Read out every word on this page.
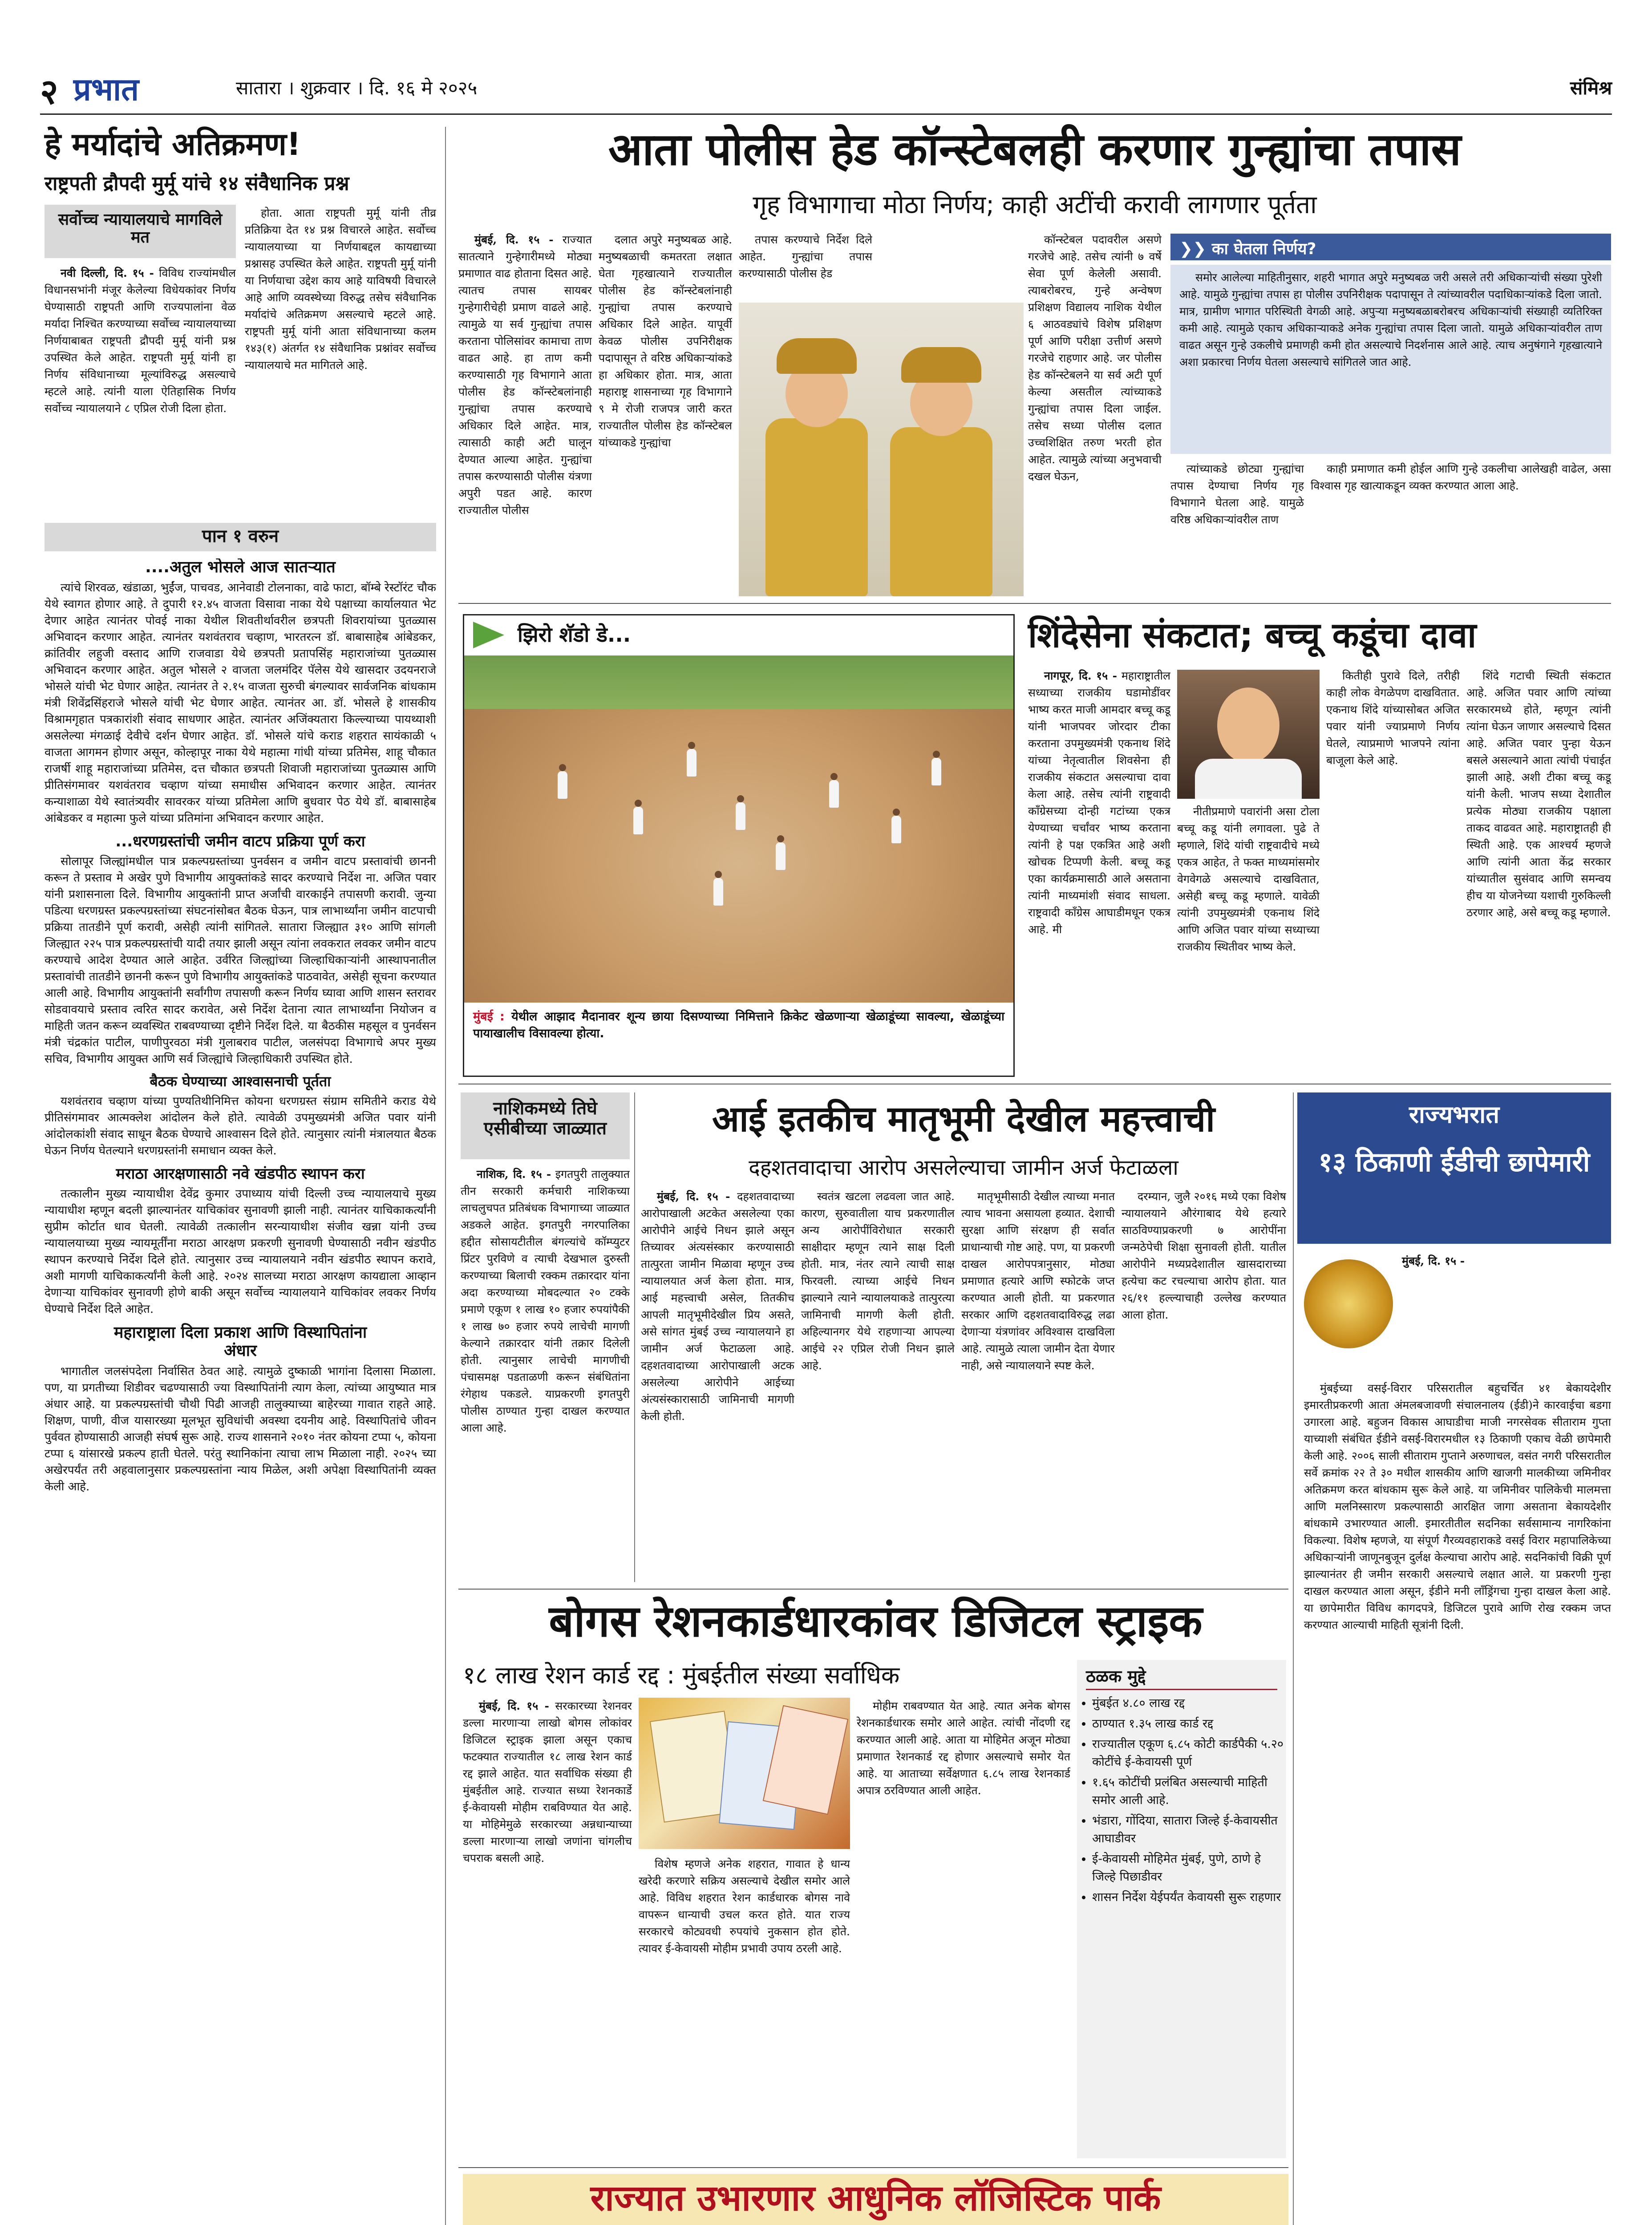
२ प्रभात	सातारा । शुक्रवार । दि. १६ मे २०२५	संमिश्र
हे मर्यादांचे अतिक्रमण!
राष्ट्रपती द्रौपदी मुर्मू यांचे १४ संवैधानिक प्रश्न
सर्वोच्च न्यायालयाचे मागविले मत

नवी दिल्ली, दि. १५ - विविध राज्यांमधील विधानसभांनी मंजूर केलेल्या विधेयकांवर निर्णय घेण्यासाठी राष्ट्रपती आणि राज्यपालांना वेळ मर्यादा निश्चित करण्याच्या सर्वोच्च न्यायालयाच्या निर्णयाबाबत राष्ट्रपती द्रौपदी मुर्मू यांनी प्रश्न उपस्थित केले आहेत. राष्ट्रपती मुर्मू यांनी हा निर्णय संविधानाच्या मूल्यांविरुद्ध असल्याचे म्हटले आहे. त्यांनी याला ऐतिहासिक निर्णय सर्वोच्च न्यायालयाने ८ एप्रिल रोजी दिला होता.

होता. आता राष्ट्रपती मुर्मू यांनी तीव्र प्रतिक्रिया देत १४ प्रश्न विचारले आहेत. सर्वोच्च न्यायालयाच्या या निर्णयाबद्दल कायद्याच्या प्रश्नासह उपस्थित केले आहेत. राष्ट्रपती मुर्मू यांनी या निर्णयाचा उद्देश काय आहे याविषयी विचारले आहे आणि व्यवस्थेच्या विरुद्ध तसेच संवैधानिक मर्यादांचे अतिक्रमण असल्याचे म्हटले आहे. राष्ट्रपती मुर्मू यांनी आता संविधानाच्या कलम १४३(१) अंतर्गत १४ संवैधानिक प्रश्नांवर सर्वोच्च न्यायालयाचे मत मागितले आहे.

पान १ वरुन
....अतुल भोसले आज सातऱ्यात

त्यांचे शिरवळ, खंडाळा, भुईंज, पाचवड, आनेवाडी टोलनाका, वाढे फाटा, बॉम्बे रेस्टॉरंट चौक येथे स्वागत होणार आहे. ते दुपारी १२.४५ वाजता विसावा नाका येथे पक्षाच्या कार्यालयात भेट देणार आहेत त्यानंतर पोवई नाका येथील शिवतीर्थावरील छत्रपती शिवरायांच्या पुतळ्यास अभिवादन करणार आहेत. त्यानंतर यशवंतराव चव्हाण, भारतरत्न डॉ. बाबासाहेब आंबेडकर, क्रांतिवीर लहुजी वस्ताद आणि राजवाडा येथे छत्रपती प्रतापसिंह महाराजांच्या पुतळ्यास अभिवादन करणार आहेत. अतुल भोसले २ वाजता जलमंदिर पॅलेस येथे खासदार उदयनराजे भोसले यांची भेट घेणार आहेत. त्यानंतर ते २.१५ वाजता सुरुची बंगल्यावर सार्वजनिक बांधकाम मंत्री शिवेंद्रसिंहराजे भोसले यांची भेट घेणार आहेत. त्यानंतर आ. डॉ. भोसले हे शासकीय विश्रामगृहात पत्रकारांशी संवाद साधणार आहेत. त्यानंतर अजिंक्यतारा किल्ल्याच्या पायथ्याशी असलेल्या मंगळाई देवीचे दर्शन घेणार आहेत. डॉ. भोसले यांचे कराड शहरात सायंकाळी ५ वाजता आगमन होणार असून, कोल्हापूर नाका येथे महात्मा गांधी यांच्या प्रतिमेस, शाहू चौकात राजर्षी शाहू महाराजांच्या प्रतिमेस, दत्त चौकात छत्रपती शिवाजी महाराजांच्या पुतळ्यास आणि प्रीतिसंगमावर यशवंतराव चव्हाण यांच्या समाधीस अभिवादन करणार आहेत. त्यानंतर कन्याशाळा येथे स्वातंत्र्यवीर सावरकर यांच्या प्रतिमेला आणि बुधवार पेठ येथे डॉ. बाबासाहेब आंबेडकर व महात्मा फुले यांच्या प्रतिमांना अभिवादन करणार आहेत.

...धरणग्रस्तांची जमीन वाटप प्रक्रिया पूर्ण करा

सोलापूर जिल्ह्यांमधील पात्र प्रकल्पग्रस्तांच्या पुनर्वसन व जमीन वाटप प्रस्तावांची छाननी करून ते प्रस्ताव मे अखेर पुणे विभागीय आयुक्तांकडे सादर करण्याचे निर्देश ना. अजित पवार यांनी प्रशासनाला दिले. विभागीय आयुक्तांनी प्राप्त अर्जांची वारकाईने तपासणी करावी. जुन्या पडित्या धरणग्रस्त प्रकल्पग्रस्तांच्या संघटनांसोबत बैठक घेऊन, पात्र लाभार्थ्यांना जमीन वाटपाची प्रक्रिया तातडीने पूर्ण करावी, असेही त्यांनी सांगितले. सातारा जिल्ह्यात ३१० आणि सांगली जिल्ह्यात २२५ पात्र प्रकल्पग्रस्तांची यादी तयार झाली असून त्यांना लवकरात लवकर जमीन वाटप करण्याचे आदेश देण्यात आले आहेत. उर्वरित जिल्ह्यांच्या जिल्हाधिकाऱ्यांनी आस्थापनातील प्रस्तावांची तातडीने छाननी करून पुणे विभागीय आयुक्तांकडे पाठवावेत, असेही सूचना करण्यात आली आहे. विभागीय आयुक्तांनी सर्वांगीण तपासणी करून निर्णय घ्यावा आणि शासन स्तरावर सोडवावयाचे प्रस्ताव त्वरित सादर करावेत, असे निर्देश देताना त्यात लाभार्थ्यांना नियोजन व माहिती जतन करून व्यवस्थित राबवण्याच्या दृष्टीने निर्देश दिले. या बैठकीस महसूल व पुनर्वसन मंत्री चंद्रकांत पाटील, पाणीपुरवठा मंत्री गुलाबराव पाटील, जलसंपदा विभागाचे अपर मुख्य सचिव, विभागीय आयुक्त आणि सर्व जिल्ह्यांचे जिल्हाधिकारी उपस्थित होते.

बैठक घेण्याच्या आश्वासनाची पूर्तता

यशवंतराव चव्हाण यांच्या पुण्यतिथीनिमित्त कोयना धरणग्रस्त संग्राम समितीने कराड येथे प्रीतिसंगमावर आत्मक्लेश आंदोलन केले होते. त्यावेळी उपमुख्यमंत्री अजित पवार यांनी आंदोलकांशी संवाद साधून बैठक घेण्याचे आश्वासन दिले होते. त्यानुसार त्यांनी मंत्रालयात बैठक घेऊन निर्णय घेतल्याने धरणग्रस्तांनी समाधान व्यक्त केले.

मराठा आरक्षणासाठी नवे खंडपीठ स्थापन करा

तत्कालीन मुख्य न्यायाधीश देवेंद्र कुमार उपाध्याय यांची दिल्ली उच्च न्यायालयाचे मुख्य न्यायाधीश म्हणून बदली झाल्यानंतर याचिकांवर सुनावणी झाली नाही. त्यानंतर याचिकाकर्त्यांनी सुप्रीम कोर्टात धाव घेतली. त्यावेळी तत्कालीन सरन्यायाधीश संजीव खन्ना यांनी उच्च न्यायालयाच्या मुख्य न्यायमूर्तींना मराठा आरक्षण प्रकरणी सुनावणी घेण्यासाठी नवीन खंडपीठ स्थापन करण्याचे निर्देश दिले होते. त्यानुसार उच्च न्यायालयाने नवीन खंडपीठ स्थापन करावे, अशी मागणी याचिकाकर्त्यांनी केली आहे. २०२४ सालच्या मराठा आरक्षण कायद्याला आव्हान देणाऱ्या याचिकांवर सुनावणी होणे बाकी असून सर्वोच्च न्यायालयाने याचिकांवर लवकर निर्णय घेण्याचे निर्देश दिले आहेत.

महाराष्ट्राला दिला प्रकाश आणि विस्थापितांना अंधार

भागातील जलसंपदेला निर्वासित ठेवत आहे. त्यामुळे दुष्काळी भागांना दिलासा मिळाला. पण, या प्रगतीच्या शिडीवर चढण्यासाठी ज्या विस्थापितांनी त्याग केला, त्यांच्या आयुष्यात मात्र अंधार आहे. या प्रकल्पग्रस्तांची चौथी पिढी आजही तालुक्याच्या बाहेरच्या गावात राहते आहे. शिक्षण, पाणी, वीज यासारख्या मूलभूत सुविधांची अवस्था दयनीय आहे. विस्थापितांचे जीवन पुर्ववत होण्यासाठी आजही संघर्ष सुरू आहे. राज्य शासनाने २०१० नंतर कोयना टप्पा ५, कोयना टप्पा ६ यांसारखे प्रकल्प हाती घेतले. परंतु स्थानिकांना त्याचा लाभ मिळाला नाही. २०२५ च्या अखेरपर्यंत तरी अहवालानुसार प्रकल्पग्रस्तांना न्याय मिळेल, अशी अपेक्षा विस्थापितांनी व्यक्त केली आहे.

आता पोलीस हेड कॉन्स्टेबलही करणार गुन्ह्यांचा तपास
गृह विभागाचा मोठा निर्णय; काही अटींची करावी लागणार पूर्तता

मुंबई, दि. १५ - राज्यात सातत्याने गुन्हेगारीमध्ये मोठ्या प्रमाणात वाढ होताना दिसत आहे. त्यातच तपास सायबर गुन्हेगारीचेही प्रमाण वाढले आहे. त्यामुळे या सर्व गुन्ह्यांचा तपास करताना पोलिसांवर कामाचा ताण वाढत आहे. हा ताण कमी करण्यासाठी गृह विभागाने आता पोलीस हेड कॉन्स्टेबलांनाही गुन्ह्यांचा तपास करण्याचे अधिकार दिले आहेत. मात्र, त्यासाठी काही अटी घालून देण्यात आल्या आहेत. गुन्ह्यांचा तपास करण्यासाठी पोलीस यंत्रणा अपुरी पडत आहे. कारण राज्यातील पोलीस

दलात अपुरे मनुष्यबळ आहे. मनुष्यबळाची कमतरता लक्षात घेता गृहखात्याने राज्यातील पोलीस हेड कॉन्स्टेबलांनाही गुन्ह्यांचा तपास करण्याचे अधिकार दिले आहेत. यापूर्वी केवळ पोलीस उपनिरीक्षक पदापासून ते वरिष्ठ अधिकाऱ्यांकडे हा अधिकार होता. मात्र, आता महाराष्ट्र शासनाच्या गृह विभागाने ९ मे रोजी राजपत्र जारी करत राज्यातील पोलीस हेड कॉन्स्टेबल यांच्याकडे गुन्ह्यांचा

तपास करण्याचे निर्देश दिले आहेत. गुन्ह्यांचा तपास करण्यासाठी पोलीस हेड

कॉन्स्टेबल पदावरील असणे गरजेचे आहे. तसेच त्यांनी ७ वर्षे सेवा पूर्ण केलेली असावी. त्याबरोबरच, गुन्हे अन्वेषण प्रशिक्षण विद्यालय नाशिक येथील ६ आठवड्यांचे विशेष प्रशिक्षण पूर्ण आणि परीक्षा उत्तीर्ण असणे गरजेचे राहणार आहे. जर पोलीस हेड कॉन्स्टेबलने या सर्व अटी पूर्ण केल्या असतील त्यांच्याकडे गुन्ह्यांचा तपास दिला जाईल. तसेच सध्या पोलीस दलात उच्चशिक्षित तरुण भरती होत आहेत. त्यामुळे त्यांच्या अनुभवाची दखल घेऊन,

❯❯ का घेतला निर्णय?

समोर आलेल्या माहितीनुसार, शहरी भागात अपुरे मनुष्यबळ जरी असले तरी अधिकाऱ्यांची संख्या पुरेशी आहे. यामुळे गुन्ह्यांचा तपास हा पोलीस उपनिरीक्षक पदापासून ते त्यांच्यावरील पदाधिकाऱ्यांकडे दिला जातो. मात्र, ग्रामीण भागात परिस्थिती वेगळी आहे. अपुऱ्या मनुष्यबळाबरोबरच अधिकाऱ्यांची संख्याही व्यतिरिक्त कमी आहे. त्यामुळे एकाच अधिकाऱ्याकडे अनेक गुन्ह्यांचा तपास दिला जातो. यामुळे अधिकाऱ्यांवरील ताण वाढत असून गुन्हे उकलीचे प्रमाणही कमी होत असल्याचे निदर्शनास आले आहे. त्याच अनुषंगाने गृहखात्याने अशा प्रकारचा निर्णय घेतला असल्याचे सांगितले जात आहे.

त्यांच्याकडे छोट्या गुन्ह्यांचा तपास देण्याचा निर्णय गृह विभागाने घेतला आहे. यामुळे वरिष्ठ अधिकाऱ्यांवरील ताण

काही प्रमाणात कमी होईल आणि गुन्हे उकलीचा आलेखही वाढेल, असा विश्वास गृह खात्याकडून व्यक्त करण्यात आला आहे.

झिरो शॅडो डे...
मुंबई : येथील आझाद मैदानावर शून्य छाया दिसण्याच्या निमित्ताने क्रिकेट खेळणाऱ्या खेळाडूंच्या सावल्या, खेळाडूंच्या पायाखालीच विसावल्या होत्या.
शिंदेसेना संकटात; बच्चू कडूंचा दावा

नागपूर, दि. १५ - महाराष्ट्रातील सध्याच्या राजकीय घडामोडींवर भाष्य करत माजी आमदार बच्चू कडू यांनी भाजपवर जोरदार टीका करताना उपमुख्यमंत्री एकनाथ शिंदे यांच्या नेतृत्वातील शिवसेना ही राजकीय संकटात असल्याचा दावा केला आहे. तसेच त्यांनी राष्ट्रवादी काँग्रेसच्या दोन्ही गटांच्या एकत्र येण्याच्या चर्चांवर भाष्य करताना त्यांनी हे पक्ष एकत्रित आहे अशी खोचक टिप्पणी केली. बच्चू कडू एका कार्यक्रमासाठी आले असताना त्यांनी माध्यमांशी संवाद साधला. राष्ट्रवादी काँग्रेस आघाडीमधून एकत्र आहे. मी

नीतीप्रमाणे पवारांनी असा टोला बच्चू कडू यांनी लगावला. पुढे ते म्हणाले, शिंदे यांची राष्ट्रवादीचे मध्ये एकत्र आहेत, ते फक्त माध्यमांसमोर वेगवेगळे असल्याचे दाखवितात, असेही बच्चू कडू म्हणाले. यावेळी त्यांनी उपमुख्यमंत्री एकनाथ शिंदे आणि अजित पवार यांच्या सध्याच्या राजकीय स्थितीवर भाष्य केले.

कितीही पुरावे दिले, तरीही काही लोक वेगळेपण दाखवितात. एकनाथ शिंदे यांच्यासोबत अजित पवार यांनी ज्याप्रमाणे निर्णय घेतले, त्याप्रमाणे भाजपने त्यांना बाजूला केले आहे.

शिंदे गटाची स्थिती संकटात आहे. अजित पवार आणि त्यांच्या सरकारमध्ये होते, म्हणून त्यांनी त्यांना घेऊन जाणार असल्याचे दिसत आहे. अजित पवार पुन्हा येऊन बसले असल्याने आता त्यांची पंचाईत झाली आहे. अशी टीका बच्चू कडू यांनी केली. भाजप सध्या देशातील प्रत्येक मोठ्या राजकीय पक्षाला ताकद वाढवत आहे. महाराष्ट्रातही ही स्थिती आहे. एक आश्चर्य म्हणजे आणि त्यांनी आता केंद्र सरकार यांच्यातील सुसंवाद आणि समन्वय हीच या योजनेच्या यशाची गुरुकिल्ली ठरणार आहे, असे बच्चू कडू म्हणाले.

नाशिकमध्ये तिघे एसीबीच्या जाळ्यात

नाशिक, दि. १५ - इगतपुरी तालुक्यात तीन सरकारी कर्मचारी नाशिकच्या लाचलुचपत प्रतिबंधक विभागाच्या जाळ्यात अडकले आहेत. इगतपुरी नगरपालिका हद्दीत सोसायटीतील बंगल्यांचे कॉम्प्युटर प्रिंटर पुरविणे व त्याची देखभाल दुरुस्ती करण्याच्या बिलाची रक्कम तक्रारदार यांना अदा करण्याच्या मोबदल्यात २० टक्के प्रमाणे एकूण १ लाख १० हजार रुपयांपैकी १ लाख ७० हजार रुपये लाचेची मागणी केल्याने तक्रारदार यांनी तक्रार दिलेली होती. त्यानुसार लाचेची मागणीची पंचासमक्ष पडताळणी करून संबंधितांना रंगेहाथ पकडले. याप्रकरणी इगतपुरी पोलीस ठाण्यात गुन्हा दाखल करण्यात आला आहे.

आई इतकीच मातृभूमी देखील महत्त्वाची
दहशतवादाचा आरोप असलेल्याचा जामीन अर्ज फेटाळला

मुंबई, दि. १५ - दहशतवादाच्या आरोपाखाली अटकेत असलेल्या एका आरोपीने आईचे निधन झाले असून तिच्यावर अंत्यसंस्कार करण्यासाठी तात्पुरता जामीन मिळावा म्हणून उच्च न्यायालयात अर्ज केला होता. मात्र, आई महत्त्वाची असेल, तितकीच आपली मातृभूमीदेखील प्रिय असते, असे सांगत मुंबई उच्च न्यायालयाने हा जामीन अर्ज फेटाळला आहे. दहशतवादाच्या आरोपाखाली अटक असलेल्या आरोपीने आईच्या अंत्यसंस्कारासाठी जामिनाची मागणी केली होती.

स्वतंत्र खटला लढवला जात आहे. कारण, सुरुवातीला याच प्रकरणातील अन्य आरोपींविरोधात सरकारी साक्षीदार म्हणून त्याने साक्ष दिली होती. मात्र, नंतर त्याने त्याची साक्ष फिरवली. त्याच्या आईचे निधन झाल्याने त्याने न्यायालयाकडे तात्पुरत्या जामिनाची मागणी केली होती. अहिल्यानगर येथे राहणाऱ्या आपल्या आईचे २२ एप्रिल रोजी निधन झाले आहे.

मातृभूमीसाठी देखील त्याच्या मनात त्याच भावना असायला हव्यात. देशाची सुरक्षा आणि संरक्षण ही सर्वात प्राधान्याची गोष्ट आहे. पण, या प्रकरणी दाखल आरोपपत्रानुसार, मोठ्या प्रमाणात हत्यारे आणि स्फोटके जप्त करण्यात आली होती. या प्रकरणात सरकार आणि दहशतवादाविरुद्ध लढा देणाऱ्या यंत्रणांवर अविश्वास दाखविला आहे. त्यामुळे त्याला जामीन देता येणार नाही, असे न्यायालयाने स्पष्ट केले.

दरम्यान, जुलै २०१६ मध्ये एका विशेष न्यायालयाने औरंगाबाद येथे हत्यारे साठविण्याप्रकरणी ७ आरोपींना जन्मठेपेची शिक्षा सुनावली होती. यातील आरोपीने मध्यप्रदेशातील खासदाराच्या हत्येचा कट रचल्याचा आरोप होता. यात २६/११ हल्ल्याचाही उल्लेख करण्यात आला होता.

राज्यभरात
१३ ठिकाणी ईडीची छापेमारी

मुंबई, दि. १५ -

मुंबईच्या वसई-विरार परिसरातील बहुचर्चित ४१ बेकायदेशीर इमारतीप्रकरणी आता अंमलबजावणी संचालनालय (ईडी)ने कारवाईचा बडगा उगारला आहे. बहुजन विकास आघाडीचा माजी नगरसेवक सीताराम गुप्ता याच्याशी संबंधित ईडीने वसई-विरारमधील १३ ठिकाणी एकाच वेळी छापेमारी केली आहे. २००६ साली सीताराम गुप्ताने अरुणाचल, वसंत नगरी परिसरातील सर्वे क्रमांक २२ ते ३० मधील शासकीय आणि खाजगी मालकीच्या जमिनीवर अतिक्रमण करत बांधकाम सुरू केले आहे. या जमिनीवर पालिकेची मालमत्ता आणि मलनिस्सारण प्रकल्पासाठी आरक्षित जागा असताना बेकायदेशीर बांधकामे उभारण्यात आली. इमारतीतील सदनिका सर्वसामान्य नागरिकांना विकल्या. विशेष म्हणजे, या संपूर्ण गैरव्यवहाराकडे वसई विरार महापालिकेच्या अधिकाऱ्यांनी जाणूनबुजून दुर्लक्ष केल्याचा आरोप आहे. सदनिकांची विक्री पूर्ण झाल्यानंतर ही जमीन सरकारी असल्याचे लक्षात आले. या प्रकरणी गुन्हा दाखल करण्यात आला असून, ईडीने मनी लाँड्रिंगचा गुन्हा दाखल केला आहे. या छापेमारीत विविध कागदपत्रे, डिजिटल पुरावे आणि रोख रक्कम जप्त करण्यात आल्याची माहिती सूत्रांनी दिली.

बोगस रेशनकार्डधारकांवर डिजिटल स्ट्राइक
१८ लाख रेशन कार्ड रद्द : मुंबईतील संख्या सर्वाधिक

मुंबई, दि. १५ - सरकारच्या रेशनवर डल्ला मारणाऱ्या लाखो बोगस लोकांवर डिजिटल स्ट्राइक झाला असून एकाच फटक्यात राज्यातील १८ लाख रेशन कार्ड रद्द झाले आहेत. यात सर्वाधिक संख्या ही मुंबईतील आहे. राज्यात सध्या रेशनकार्डे ई-केवायसी मोहीम राबविण्यात येत आहे. या मोहिमेमुळे सरकारच्या अन्नधान्याच्या डल्ला मारणाऱ्या लाखो जणांना चांगलीच चपराक बसली आहे.	विशेष म्हणजे अनेक शहरात, गावात हे धान्य खरेदी करणारे सक्रिय असल्याचे देखील समोर आले आहे. विविध शहरात रेशन कार्डधारक बोगस नावे वापरून धान्याची उचल करत होते. यात राज्य सरकारचे कोट्यवधी रुपयांचे नुकसान होत होते. त्यावर ई-केवायसी मोहीम प्रभावी उपाय ठरली आहे.

मोहीम राबवण्यात येत आहे. त्यात अनेक बोगस रेशनकार्डधारक समोर आले आहेत. त्यांची नोंदणी रद्द करण्यात आली आहे. आता या मोहिमेत अजून मोठ्या प्रमाणात रेशनकार्ड रद्द होणार असल्याचे समोर येत आहे. या आताच्या सर्वेक्षणात ६.८५ लाख रेशनकार्ड अपात्र ठरविण्यात आली आहेत.

ठळक मुद्दे
• मुंबईत ४.८० लाख रद्द
• ठाण्यात १.३५ लाख कार्ड रद्द
• राज्यातील एकूण ६.८५ कोटी कार्डपैकी ५.२० कोटींचे ई-केवायसी पूर्ण
• १.६५ कोटींची प्रलंबित असल्याची माहिती समोर आली आहे.
• भंडारा, गोंदिया, सातारा जिल्हे ई-केवायसीत आघाडीवर
• ई-केवायसी मोहिमेत मुंबई, पुणे, ठाणे हे जिल्हे पिछाडीवर
• शासन निर्देश येईपर्यंत केवायसी सुरू राहणार
राज्यात उभारणार आधुनिक लॉजिस्टिक पार्क
